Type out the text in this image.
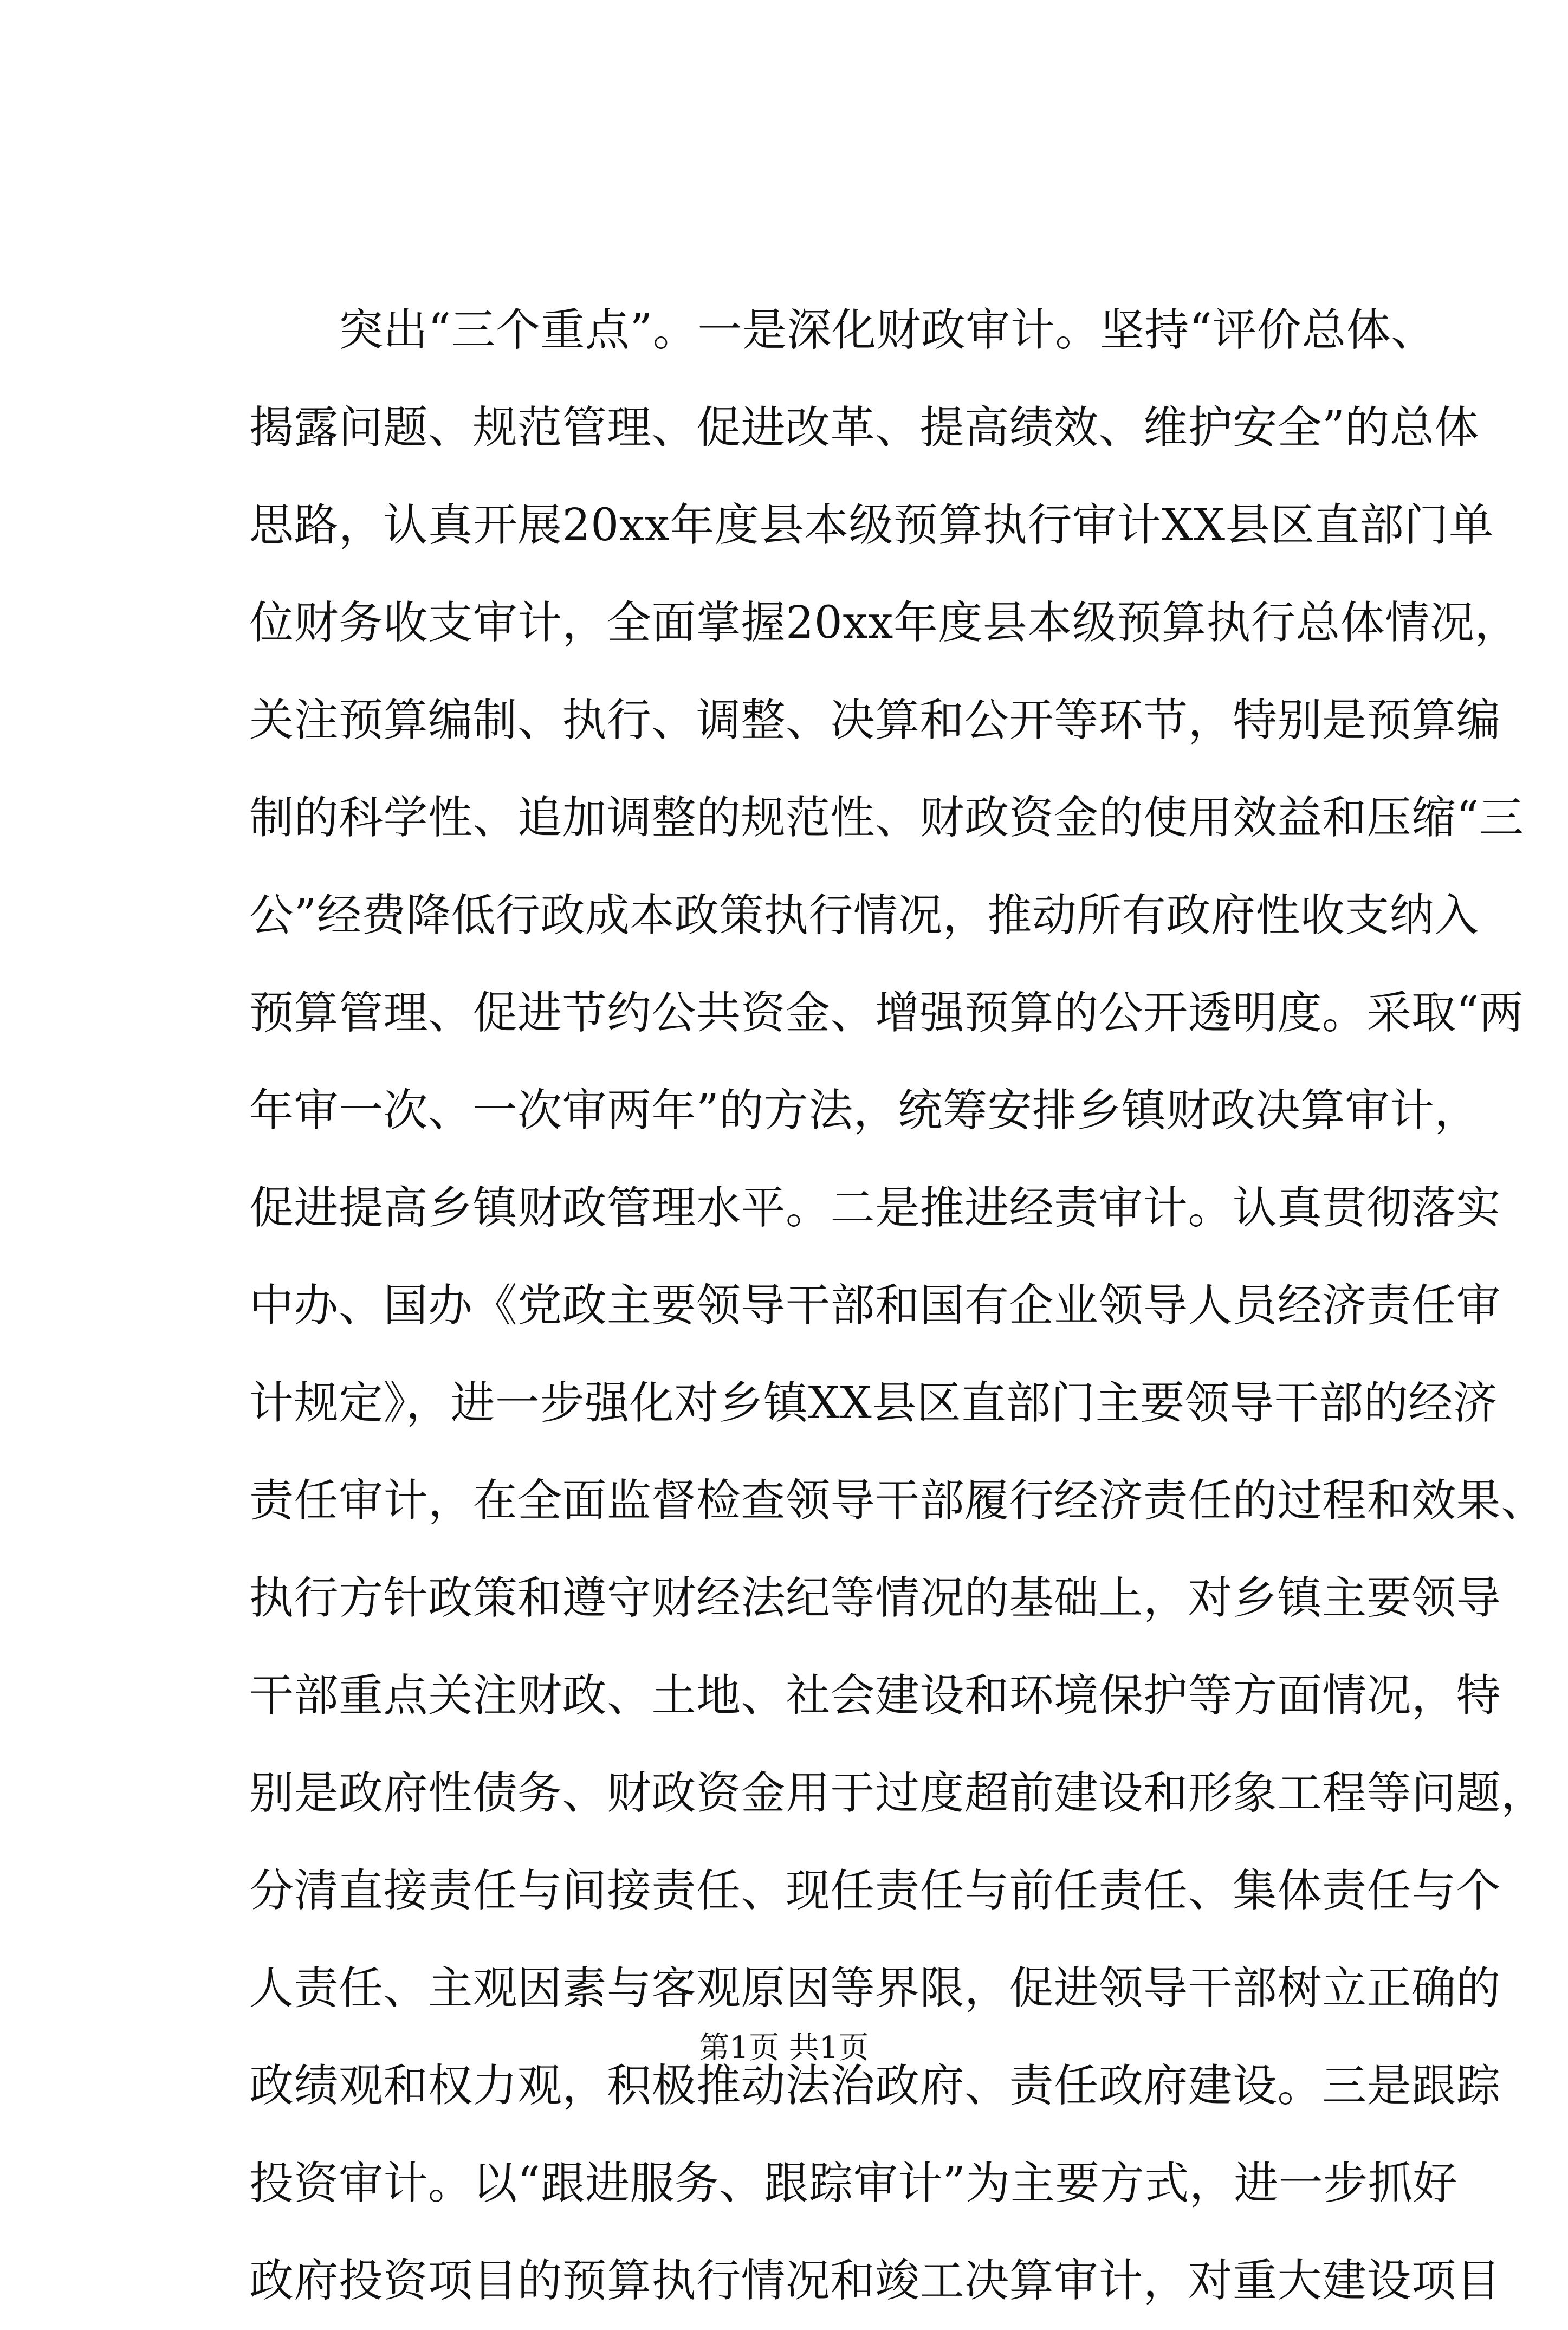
突出“三个重点”。一是深化财政审计。坚持“评价总体、
揭露问题、规范管理、促进改革、提高绩效、维护安全”的总体
思路，认真开展20xx年度县本级预算执行审计XX县区直部门单
位财务收支审计，全面掌握20xx年度县本级预算执行总体情况，
关注预算编制、执行、调整、决算和公开等环节，特别是预算编
制的科学性、追加调整的规范性、财政资金的使用效益和压缩“三
公”经费降低行政成本政策执行情况，推动所有政府性收支纳入
预算管理、促进节约公共资金、增强预算的公开透明度。采取“两
年审一次、一次审两年”的方法，统筹安排乡镇财政决算审计，
促进提高乡镇财政管理水平。二是推进经责审计。认真贯彻落实
中办、国办《党政主要领导干部和国有企业领导人员经济责任审
计规定》，进一步强化对乡镇XX县区直部门主要领导干部的经济
责任审计，在全面监督检查领导干部履行经济责任的过程和效果、
执行方针政策和遵守财经法纪等情况的基础上，对乡镇主要领导
干部重点关注财政、土地、社会建设和环境保护等方面情况，特
别是政府性债务、财政资金用于过度超前建设和形象工程等问题，
分清直接责任与间接责任、现任责任与前任责任、集体责任与个
人责任、主观因素与客观原因等界限，促进领导干部树立正确的
政绩观和权力观，积极推动法治政府、责任政府建设。三是跟踪
投资审计。以“跟进服务、跟踪审计”为主要方式，进一步抓好
政府投资项目的预算执行情况和竣工决算审计，对重大建设项目
第1页 共1页
